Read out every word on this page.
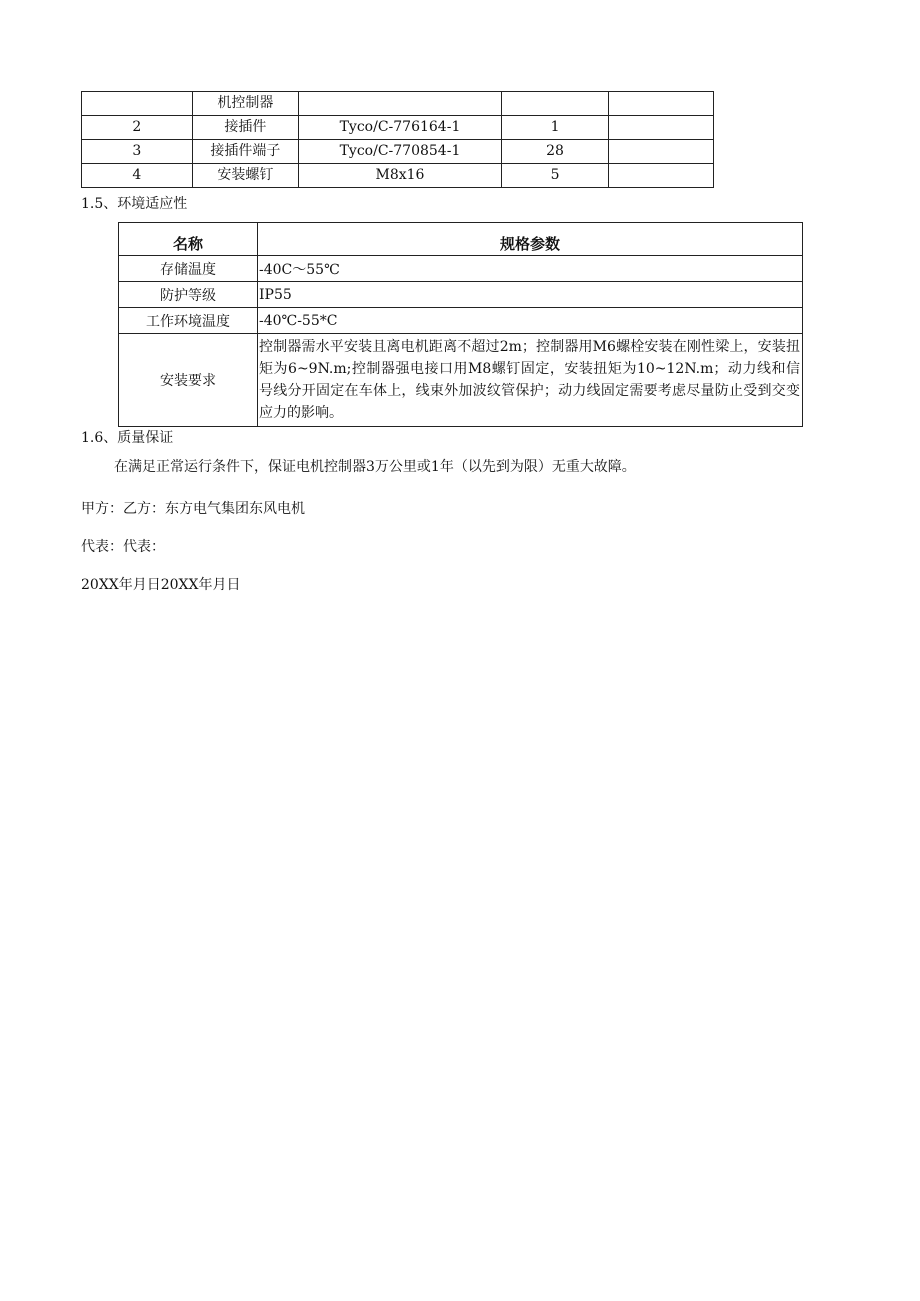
	机控制器			
2	接插件	Tyco/C-776164-1	1	
3	接插件端子	Tyco/C-770854-1	28	
4	安装螺钉	M8x16	5	
1.5、环境适应性
名称	规格参数
存储温度	-40C～55℃
防护等级	IP55
工作环境温度	-40℃-55*C
安装要求	控制器需水平安装且离电机距离不超过2m；控制器用M6螺栓安装在刚性梁上，安装扭矩为6~9N.m;控制器强电接口用M8螺钉固定，安装扭矩为10~12N.m；动力线和信号线分开固定在车体上，线束外加波纹管保护；动力线固定需要考虑尽量防止受到交变应力的影响。
1.6、质量保证
在满足正常运行条件下，保证电机控制器3万公里或1年（以先到为限）无重大故障。
甲方：乙方：东方电气集团东风电机
代表：代表：
20XX年月日20XX年月日
